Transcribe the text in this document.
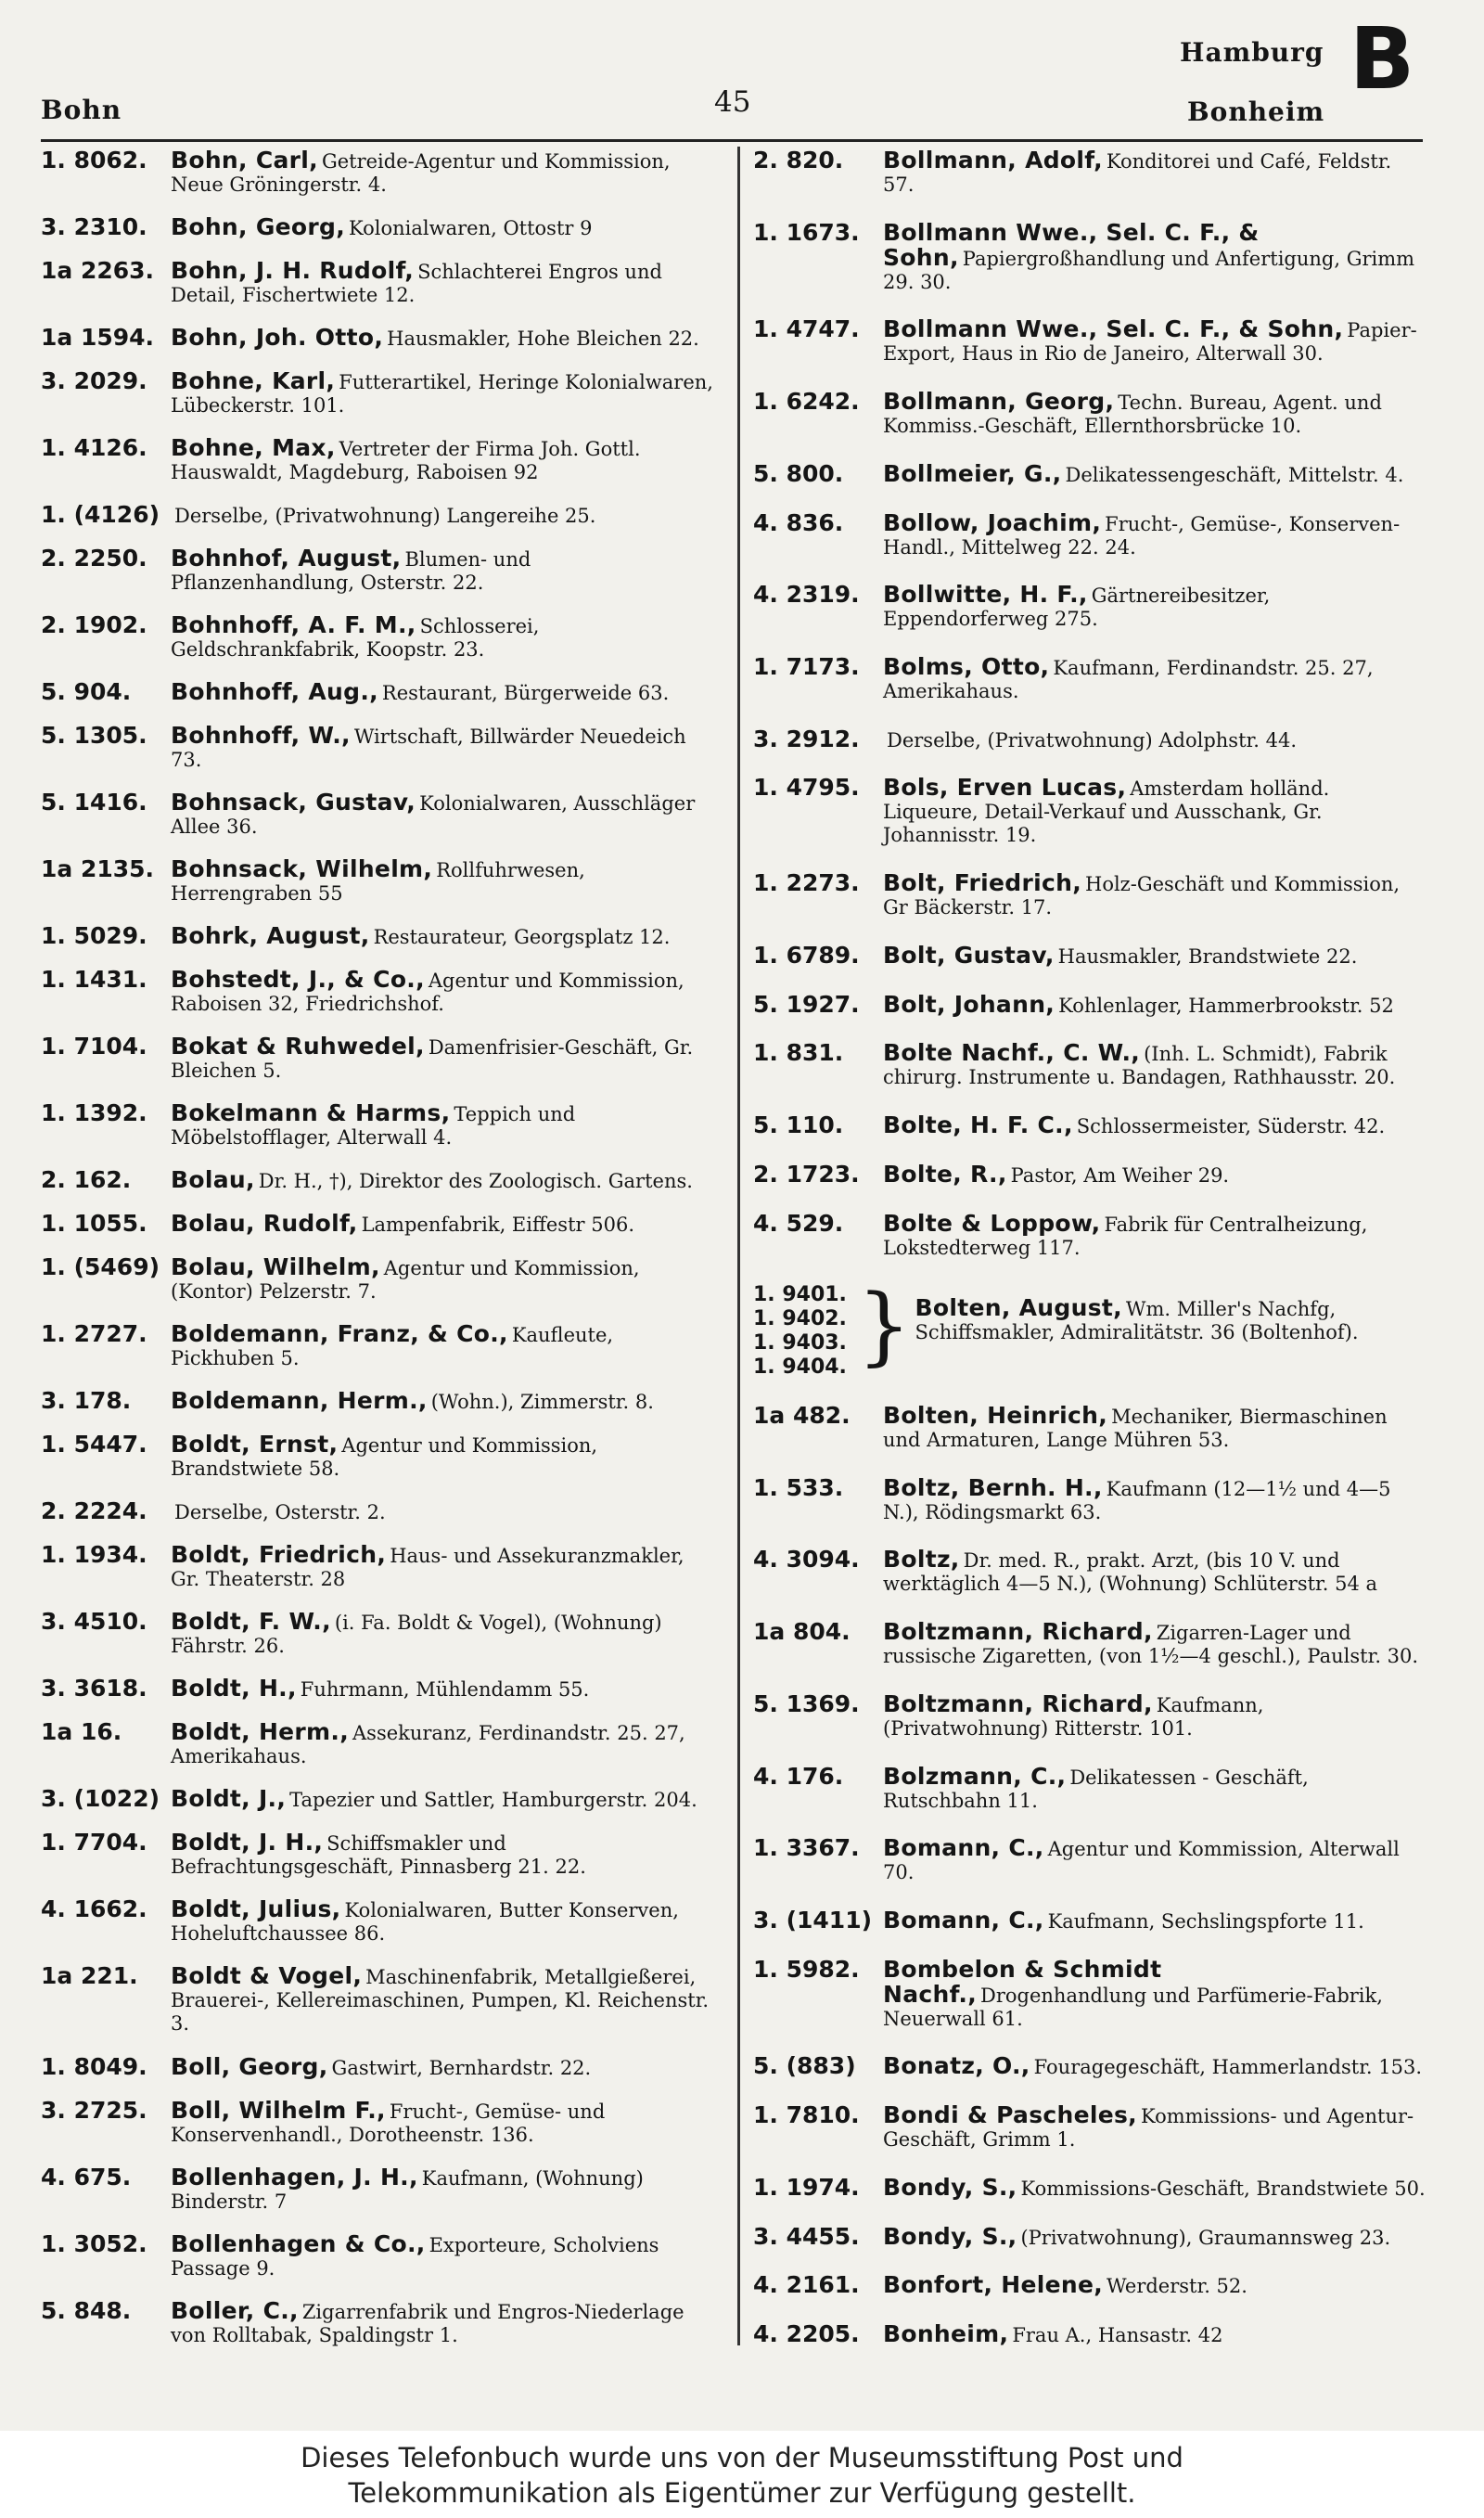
Bohn	45
Hamburg
Bonheim
B
1. 8062.	Bohn, Carl, Getreide-Agentur und Kommission, Neue Gröningerstr. 4.
3. 2310.	Bohn, Georg, Kolonialwaren, Ottostr 9
1a 2263. Bohn, J. H. Rudolf, Schlachterei Engros und Detail, Fischertwiete 12.
1a 1594. Bohn, Joh. Otto, Hausmakler, Hohe Bleichen 22.
3. 2029.	Bohne, Karl, Futterartikel, Heringe Kolonialwaren, Lübeckerstr. 101.
1. 4126.	Bohne, Max, Vertreter der Firma Joh. Gottl. Hauswaldt, Magdeburg, Raboisen 92
1. (4126) Derselbe, (Privatwohnung) Langereihe 25.
2. 2250.	Bohnhof, August, Blumen- und Pflanzenhandlung, Osterstr. 22.
2. 1902.	Bohnhoff, A. F. M., Schlosserei, Geldschrankfabrik, Koopstr. 23.
5. 904.	Bohnhoff, Aug., Restaurant, Bürgerweide 63.
5. 1305.	Bohnhoff, W., Wirtschaft, Billwärder Neuedeich 73.
5. 1416.	Bohnsack, Gustav, Kolonialwaren, Ausschläger Allee 36.
1a 2135. Bohnsack, Wilhelm, Rollfuhrwesen, Herrengraben 55
1. 5029.	Bohrk, August, Restaurateur, Georgsplatz 12.
1. 1431.	Bohstedt, J., & Co., Agentur und Kommission, Raboisen 32, Friedrichshof.
1. 7104.	Bokat & Ruhwedel, Damenfrisier-Geschäft, Gr. Bleichen 5.
1. 1392.	Bokelmann & Harms, Teppich und Möbelstofflager, Alterwall 4.
2. 162.	Bolau, Dr. H., †), Direktor des Zoologisch. Gartens.
1. 1055.	Bolau, Rudolf, Lampenfabrik, Eiffestr 506.
1. (5469) Bolau, Wilhelm, Agentur und Kommission, (Kontor) Pelzerstr. 7.
1. 2727.	Boldemann, Franz, & Co., Kaufleute, Pickhuben 5.
3. 178.	Boldemann, Herm., (Wohn.), Zimmerstr. 8.
1. 5447.	Boldt, Ernst, Agentur und Kommission, Brandstwiete 58.
2. 2224.	Derselbe, Osterstr. 2.
1. 1934.	Boldt, Friedrich, Haus- und Assekuranzmakler, Gr. Theaterstr. 28
3. 4510.	Boldt, F. W., (i. Fa. Boldt & Vogel), (Wohnung) Fährstr. 26.
3. 3618.	Boldt, H., Fuhrmann, Mühlendamm 55.
1a 16.	Boldt, Herm., Assekuranz, Ferdinandstr. 25. 27, Amerikahaus.
3. (1022) Boldt, J., Tapezier und Sattler, Hamburgerstr. 204.
1. 7704.	Boldt, J. H., Schiffsmakler und Befrachtungsgeschäft, Pinnasberg 21. 22.
4. 1662.	Boldt, Julius, Kolonialwaren, Butter Konserven, Hoheluftchaussee 86.
1a 221.	Boldt & Vogel, Maschinenfabrik, Metallgießerei, Brauerei-, Kellereimaschinen, Pumpen, Kl. Reichenstr. 3.
1. 8049.	Boll, Georg, Gastwirt, Bernhardstr. 22.
3. 2725.	Boll, Wilhelm F., Frucht-, Gemüse- und Konservenhandl., Dorotheenstr. 136.
4. 675.	Bollenhagen, J. H., Kaufmann, (Wohnung) Binderstr. 7
1. 3052.	Bollenhagen & Co., Exporteure, Scholviens Passage 9.
5. 848.	Boller, C., Zigarrenfabrik und Engros-Niederlage von Rolltabak, Spaldingstr 1.
2. 820.	Bollmann, Adolf, Konditorei und Café, Feldstr. 57.
1. 1673.	Bollmann Wwe., Sel. C. F., & Sohn, Papiergroßhandlung und Anfertigung, Grimm 29. 30.
1. 4747.	Bollmann Wwe., Sel. C. F., & Sohn, Papier-Export, Haus in Rio de Janeiro, Alterwall 30.
1. 6242.	Bollmann, Georg, Techn. Bureau, Agent. und Kommiss.-Geschäft, Ellernthorsbrücke 10.
5. 800.	Bollmeier, G., Delikatessengeschäft, Mittelstr. 4.
4. 836.	Bollow, Joachim, Frucht-, Gemüse-, Konserven-Handl., Mittelweg 22. 24.
4. 2319.	Bollwitte, H. F., Gärtnereibesitzer, Eppendorferweg 275.
1. 7173.	Bolms, Otto, Kaufmann, Ferdinandstr. 25. 27, Amerikahaus.
3. 2912.	Derselbe, (Privatwohnung) Adolphstr. 44.
1. 4795.	Bols, Erven Lucas, Amsterdam holländ. Liqueure, Detail-Verkauf und Ausschank, Gr. Johannisstr. 19.
1. 2273.	Bolt, Friedrich, Holz-Geschäft und Kommission, Gr Bäckerstr. 17.
1. 6789.	Bolt, Gustav, Hausmakler, Brandstwiete 22.
5. 1927.	Bolt, Johann, Kohlenlager, Hammerbrookstr. 52
1. 831.	Bolte Nachf., C. W., (Inh. L. Schmidt), Fabrik chirurg. Instrumente u. Bandagen, Rathhausstr. 20.
5. 110.	Bolte, H. F. C., Schlossermeister, Süderstr. 42.
2. 1723.	Bolte, R., Pastor, Am Weiher 29.
4. 529.	Bolte & Loppow, Fabrik für Centralheizung, Lokstedterweg 117.
1. 9401.
1. 9402.
1. 9403.
1. 9404. } Bolten, August, Wm. Miller's Nachfg, Schiffsmakler, Admiralitätstr. 36 (Boltenhof).
1a 482.	Bolten, Heinrich, Mechaniker, Biermaschinen und Armaturen, Lange Mühren 53.
1. 533.	Boltz, Bernh. H., Kaufmann (12—1½ und 4—5 N.), Rödingsmarkt 63.
4. 3094.	Boltz, Dr. med. R., prakt. Arzt, (bis 10 V. und werktäglich 4—5 N.), (Wohnung) Schlüterstr. 54 a
1a 804.	Boltzmann, Richard, Zigarren-Lager und russische Zigaretten, (von 1½—4 geschl.), Paulstr. 30.
5. 1369.	Boltzmann, Richard, Kaufmann, (Privatwohnung) Ritterstr. 101.
4. 176.	Bolzmann, C., Delikatessen - Geschäft, Rutschbahn 11.
1. 3367.	Bomann, C., Agentur und Kommission, Alterwall 70.
3. (1411) Bomann, C., Kaufmann, Sechslingspforte 11.
1. 5982.	Bombelon & Schmidt Nachf., Drogenhandlung und Parfümerie-Fabrik, Neuerwall 61.
5. (883)	Bonatz, O., Fouragegeschäft, Hammerlandstr. 153.
1. 7810.	Bondi & Pascheles, Kommissions- und Agentur-Geschäft, Grimm 1.
1. 1974.	Bondy, S., Kommissions-Geschäft, Brandstwiete 50.
3. 4455.	Bondy, S., (Privatwohnung), Graumannsweg 23.
4. 2161.	Bonfort, Helene, Werderstr. 52.
4. 2205.	Bonheim, Frau A., Hansastr. 42
Dieses Telefonbuch wurde uns von der Museumsstiftung Post und
Telekommunikation als Eigentümer zur Verfügung gestellt.
